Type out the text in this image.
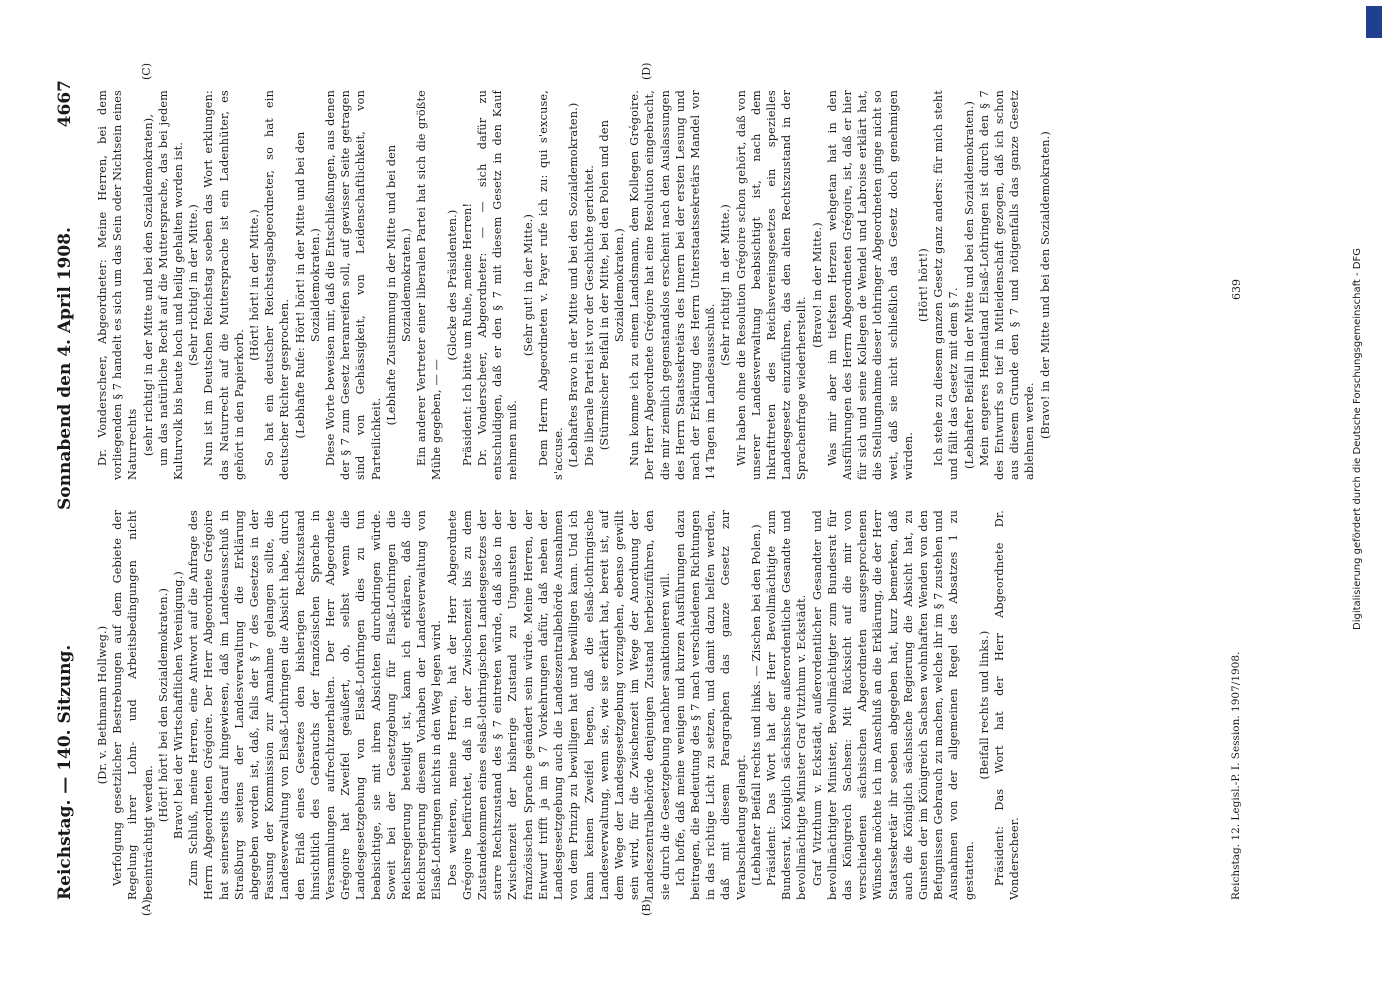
Reichstag. — 140. Sitzung.
Sonnabend den 4. April 1908.
4667
(A)	(B)
(C)	(D)

(Dr. v. Bethmann Hollweg.) Verfolgung gesetzlicher Bestrebungen auf dem Gebiete der Regelung ihrer Lohn- und Arbeitsbedingungen nicht beeinträchtigt werden.

(Hört! hört! bei den Sozialdemokraten.) Bravo! bei der Wirtschaftlichen Vereinigung.) Zum Schluß, meine Herren, eine Antwort auf die Anfrage des Herrn Abgeordneten Grégoire. Der Herr Abgeordnete Grégoire hat seinerseits darauf hingewiesen, daß im Landesausschuß in Straßburg seitens der Landesverwaltung die Erklärung abgegeben worden ist, daß, falls der § 7 des Gesetzes in der Fassung der Kommission zur Annahme gelangen sollte, die Landesverwaltung von Elsaß-Lothringen die Absicht habe, durch den Erlaß eines Gesetzes den bisherigen Rechtszustand hinsichtlich des Gebrauchs der französischen Sprache in Versammlungen aufrechtzuerhalten. Der Herr Abgeordnete Grégoire hat Zweifel geäußert, ob, selbst wenn die Landesgesetzgebung von Elsaß-Lothringen dies zu tun beabsichtige, sie mit ihren Absichten durchdringen würde. Soweit bei der Gesetzgebung für Elsaß-Lothringen die Reichsregierung beteiligt ist, kann ich erklären, daß die Reichsregierung diesem Vorhaben der Landesverwaltung von Elsaß-Lothringen nichts in den Weg legen wird. Des weiteren, meine Herren, hat der Herr Abgeordnete Grégoire befürchtet, daß in der Zwischenzeit bis zu dem Zustandekommen eines elsaß-lothringischen Landesgesetzes der starre Rechtszustand des § 7 eintreten würde, daß also in der Zwischenzeit der bisherige Zustand zu Ungunsten der französischen Sprache geändert sein würde. Meine Herren, der Entwurf trifft ja im § 7 Vorkehrungen dafür, daß neben der Landesgesetzgebung auch die Landeszentralbehörde Ausnahmen von dem Prinzip zu bewilligen hat und bewilligen kann. Und ich kann keinen Zweifel hegen, daß die elsaß-lothringische Landesverwaltung, wenn sie, wie sie erklärt hat, bereit ist, auf dem Wege der Landesgesetzgebung vorzugehen, ebenso gewillt sein wird, für die Zwischenzeit im Wege der Anordnung der Landeszentralbehörde denjenigen Zustand herbeizuführen, den sie durch die Gesetzgebung nachher sanktionieren will. Ich hoffe, daß meine wenigen und kurzen Ausführungen dazu beitragen, die Bedeutung des § 7 nach verschiedenen Richtungen in das richtige Licht zu setzen, und damit dazu helfen werden, daß mit diesem Paragraphen das ganze Gesetz zur Verabschiedung gelangt. (Lebhafter Beifall rechts und links. — Zischen bei den Polen.) Präsident: Das Wort hat der Herr Bevollmächtigte zum Bundesrat, Königlich sächsische außerordentliche Gesandte und bevollmächtigte Minister Graf Vitzthum v. Eckstädt. Graf Vitzthum v. Eckstädt, außerordentlicher Gesandter und bevollmächtigter Minister, Bevollmächtigter zum Bundesrat für das Königreich Sachsen: Mit Rücksicht auf die mir von verschiedenen sächsischen Abgeordneten ausgesprochenen Wünsche möchte ich im Anschluß an die Erklärung, die der Herr Staatssekretär ihr soeben abgegeben hat, kurz bemerken, daß auch die Königlich sächsische Regierung die Absicht hat, zu Gunsten der im Königreich Sachsen wohnhaften Wenden von den Befugnissen Gebrauch zu machen, welche ihr im § 7 zustehen und Ausnahmen von der allgemeinen Regel des Absatzes 1 zu gestatten.

(Beifall rechts und links.) Präsident: Das Wort hat der Herr Abgeordnete Dr. Vonderscheer.

Dr. Vonderscheer, Abgeordneter: Meine Herren, bei dem vorliegenden § 7 handelt es sich um das Sein oder Nichtsein eines Naturrechts (sehr richtig! in der Mitte und bei den Sozialdemokraten), um das natürliche Recht auf die Muttersprache, das bei jedem Kulturvolk bis heute hoch und heilig gehalten worden ist. (Sehr richtig! in der Mitte.) Nun ist im Deutschen Reichstag soeben das Wort erklungen: das Naturrecht auf die Muttersprache ist ein Ladenhüter, es gehört in den Papierkorb.

(Hört! hört! in der Mitte.) So hat ein deutscher Reichstagsabgeordneter, so hat ein deutscher Richter gesprochen. (Lebhafte Rufe: Hört! hört! in der Mitte und bei den Sozialdemokraten.) Diese Worte beweisen mir, daß die Entschließungen, aus denen der § 7 zum Gesetz heranreifen soll, auf gewisser Seite getragen sind von Gehässigkeit, von Leidenschaftlichkeit, von Parteilichkeit.

(Lebhafte Zustimmung in der Mitte und bei den Sozialdemokraten.) Ein anderer Vertreter einer liberalen Partei hat sich die größte Mühe gegeben, — —

(Glocke des Präsidenten.) Präsident: Ich bitte um Ruhe, meine Herren! Dr. Vonderscheer, Abgeordneter: — — sich dafür zu entschuldigen, daß er den § 7 mit diesem Gesetz in den Kauf nehmen muß.

(Sehr gut! in der Mitte.) Dem Herrn Abgeordneten v. Payer rufe ich zu: qui s'excuse, s'accuse. (Lebhaftes Bravo in der Mitte und bei den Sozialdemokraten.) Die liberale Partei ist vor der Geschichte gerichtet. (Stürmischer Beifall in der Mitte, bei den Polen und den Sozialdemokraten.) Nun komme ich zu einem Landsmann, dem Kollegen Grégoire. Der Herr Abgeordnete Grégoire hat eine Resolution eingebracht, die mir ziemlich gegenstandslos erscheint nach den Auslassungen des Herrn Staatssekretärs des Innern bei der ersten Lesung und nach der Erklärung des Herrn Unterstaatssekretärs Mandel vor 14 Tagen im Landesausschuß.

(Sehr richtig! in der Mitte.) Wir haben ohne die Resolution Grégoire schon gehört, daß von unserer Landesverwaltung beabsichtigt ist, nach dem Inkrafttreten des Reichsvereinsgesetzes ein spezielles Landesgesetz einzuführen, das den alten Rechtszustand in der Sprachenfrage wiederherstellt.

(Bravo! in der Mitte.) Was mir aber im tiefsten Herzen wehgetan hat in den Ausführungen des Herrn Abgeordneten Grégoire, ist, daß er hier für sich und seine Kollegen de Wendel und Labroise erklärt hat, die Stellungnahme dieser lothringer Abgeordneten ginge nicht so weit, daß sie nicht schließlich das Gesetz doch genehmigen würden.

(Hört! hört!) Ich stehe zu diesem ganzen Gesetz ganz anders: für mich steht und fällt das Gesetz mit dem § 7. (Lebhafter Beifall in der Mitte und bei den Sozialdemokraten.) Mein engeres Heimatland Elsaß-Lothringen ist durch den § 7 des Entwurfs so tief in Mitleidenschaft gezogen, daß ich schon aus diesem Grunde den § 7 und nötigenfalls das ganze Gesetz ablehnen werde. (Bravo! in der Mitte und bei den Sozialdemokraten.)

Reichstag. 12. Legisl.-P. I. Session. 1907/1908.
639	Digitalisierung gefördert durch die Deutsche Forschungsgemeinschaft - DFG
